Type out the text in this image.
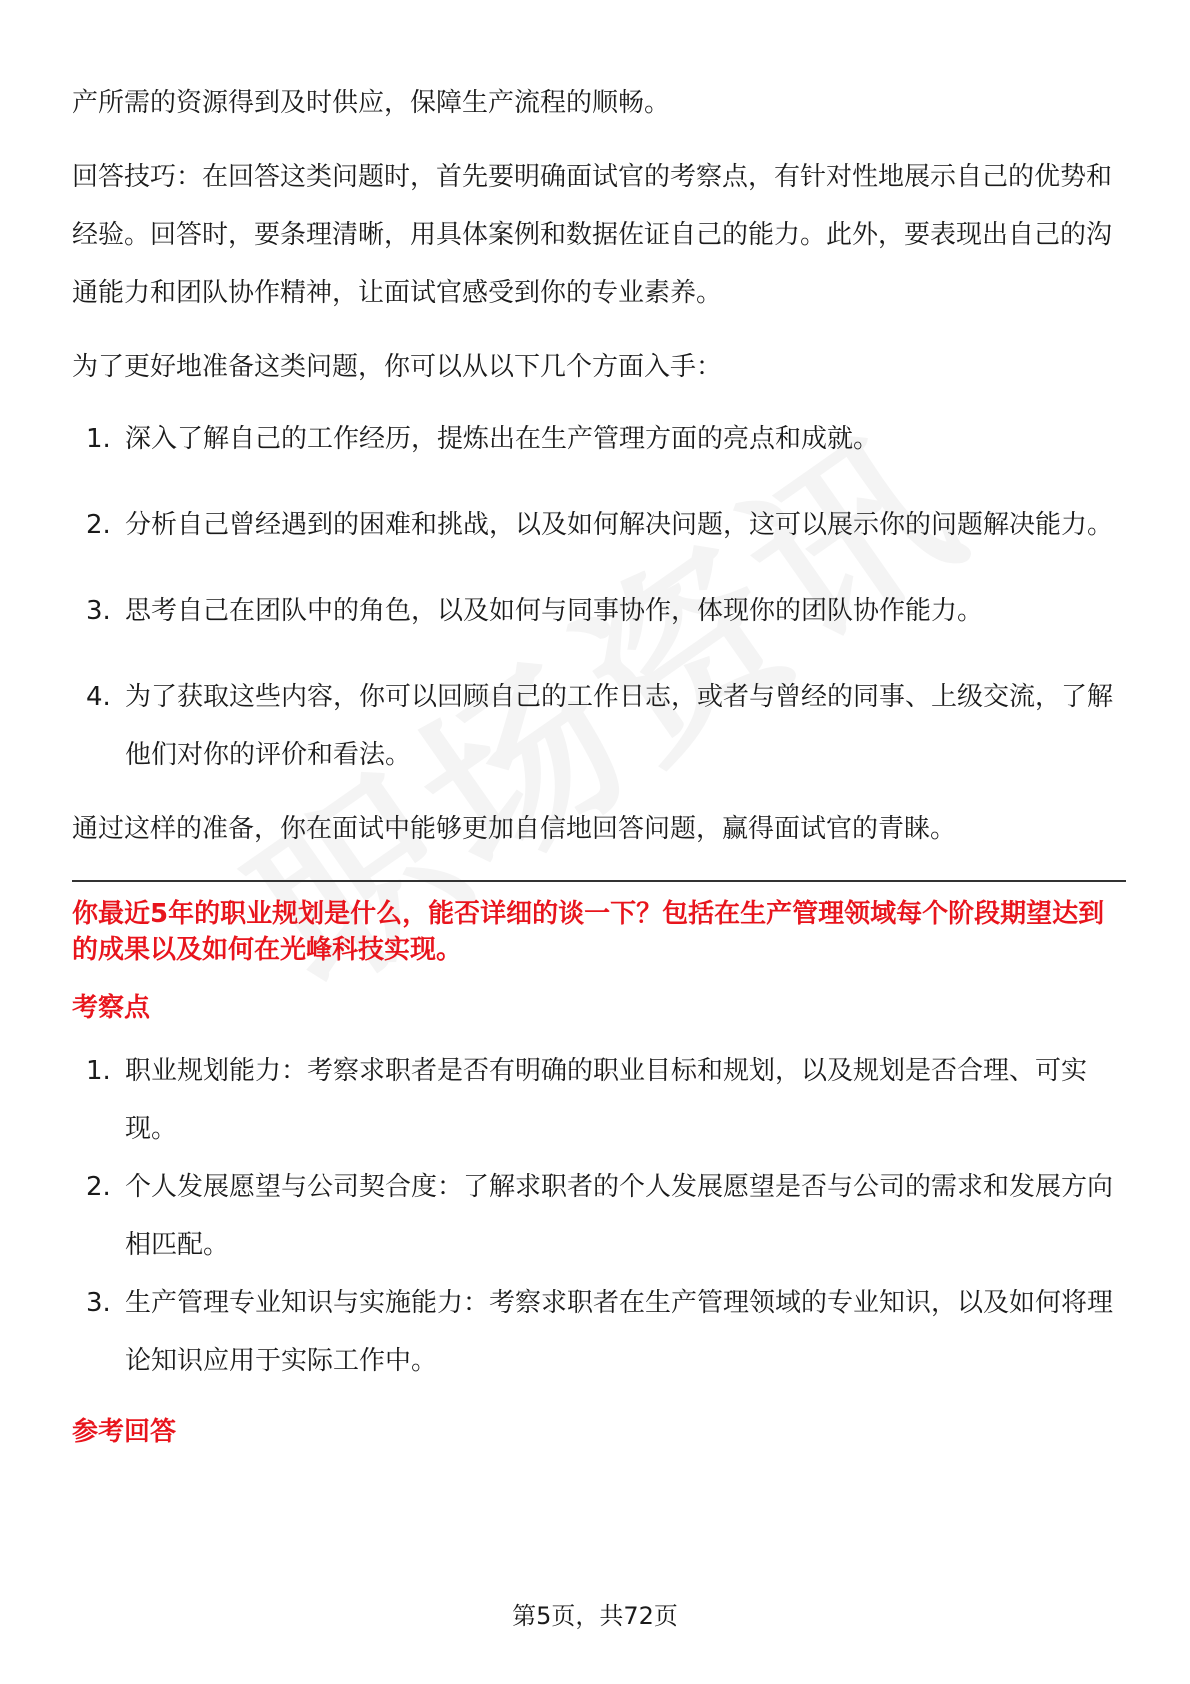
产所需的资源得到及时供应，保障生产流程的顺畅。

回答技巧：在回答这类问题时，首先要明确面试官的考察点，有针对性地展示自己的优势和经验。回答时，要条理清晰，用具体案例和数据佐证自己的能力。此外，要表现出自己的沟通能力和团队协作精神，让面试官感受到你的专业素养。

为了更好地准备这类问题，你可以从以下几个方面入手：

1. 深入了解自己的工作经历，提炼出在生产管理方面的亮点和成就。
2. 分析自己曾经遇到的困难和挑战，以及如何解决问题，这可以展示你的问题解决能力。
3. 思考自己在团队中的角色，以及如何与同事协作，体现你的团队协作能力。
4. 为了获取这些内容，你可以回顾自己的工作日志，或者与曾经的同事、上级交流，了解他们对你的评价和看法。

通过这样的准备，你在面试中能够更加自信地回答问题，赢得面试官的青睐。

你最近5年的职业规划是什么，能否详细的谈一下？包括在生产管理领域每个阶段期望达到的成果以及如何在光峰科技实现。

考察点
1. 职业规划能力：考察求职者是否有明确的职业目标和规划，以及规划是否合理、可实现。
2. 个人发展愿望与公司契合度：了解求职者的个人发展愿望是否与公司的需求和发展方向相匹配。
3. 生产管理专业知识与实施能力：考察求职者在生产管理领域的专业知识，以及如何将理论知识应用于实际工作中。
参考回答
第5页，共72页
